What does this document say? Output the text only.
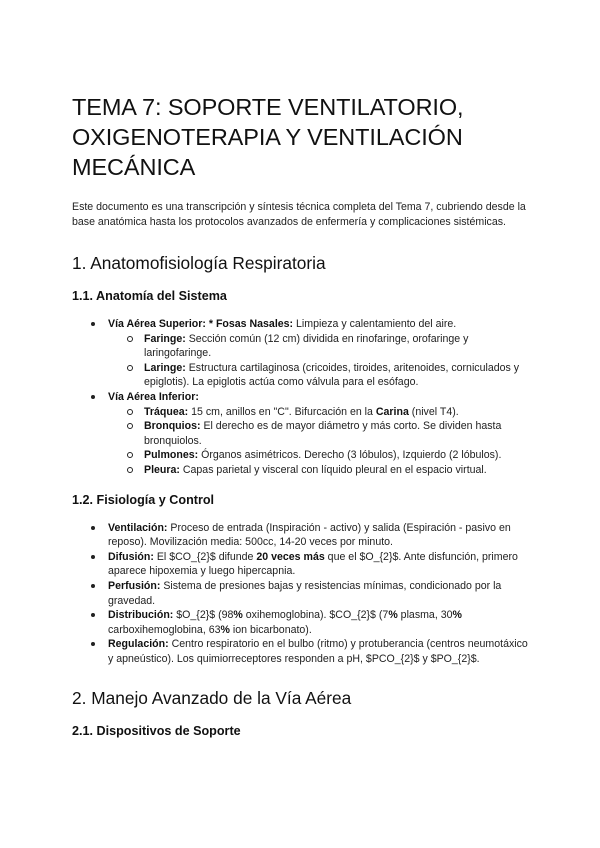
TEMA 7: SOPORTE VENTILATORIO, OXIGENOTERAPIA Y VENTILACIÓN MECÁNICA

Este documento es una transcripción y síntesis técnica completa del Tema 7, cubriendo desde la base anatómica hasta los protocolos avanzados de enfermería y complicaciones sistémicas.

1. Anatomofisiología Respiratoria
1.1. Anatomía del Sistema
Vía Aérea Superior: * Fosas Nasales: Limpieza y calentamiento del aire.
Faringe: Sección común (12 cm) dividida en rinofaringe, orofaringe y laringofaringe.
Laringe: Estructura cartilaginosa (cricoides, tiroides, aritenoides, corniculados y epiglotis). La epiglotis actúa como válvula para el esófago.
Vía Aérea Inferior:
Tráquea: 15 cm, anillos en "C". Bifurcación en la Carina (nivel T4).
Bronquios: El derecho es de mayor diámetro y más corto. Se dividen hasta bronquiolos.
Pulmones: Órganos asimétricos. Derecho (3 lóbulos), Izquierdo (2 lóbulos).
Pleura: Capas parietal y visceral con líquido pleural en el espacio virtual.
1.2. Fisiología y Control
Ventilación: Proceso de entrada (Inspiración - activo) y salida (Espiración - pasivo en reposo). Movilización media: 500cc, 14-20 veces por minuto.
Difusión: El $CO_{2}$ difunde 20 veces más que el $O_{2}$. Ante disfunción, primero aparece hipoxemia y luego hipercapnia.
Perfusión: Sistema de presiones bajas y resistencias mínimas, condicionado por la gravedad.
Distribución: $O_{2}$ (98% oxihemoglobina). $CO_{2}$ (7% plasma, 30% carboxihemoglobina, 63% ion bicarbonato).
Regulación: Centro respiratorio en el bulbo (ritmo) y protuberancia (centros neumotáxico y apneústico). Los quimiorreceptores responden a pH, $PCO_{2}$ y $PO_{2}$.
2. Manejo Avanzado de la Vía Aérea
2.1. Dispositivos de Soporte
